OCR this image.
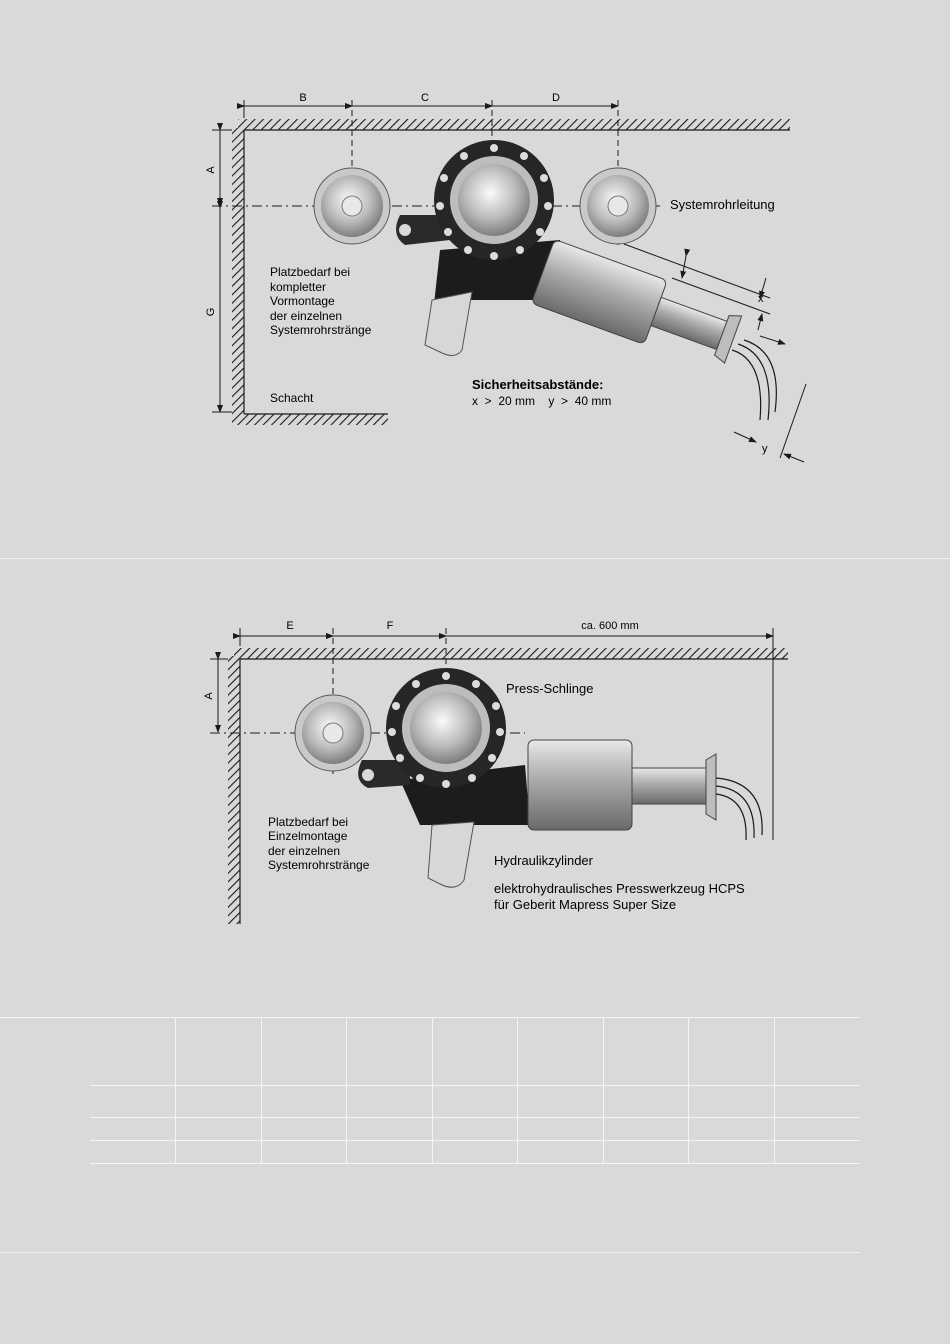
B	C	D
A
G
x
y
Systemrohrleitung
Platzbedarf bei
kompletter
Vormontage
der einzelnen
Systemrohrstränge
Schacht
Sicherheitsabstände:
x  >  20 mm    y  >  40 mm
E	F	ca. 600 mm
A	Press-Schlinge
Platzbedarf bei
Einzelmontage
der einzelnen
Systemrohrstränge	Hydraulikzylinder
elektrohydraulisches Presswerkzeug HCPS
für Geberit Mapress Super Size
